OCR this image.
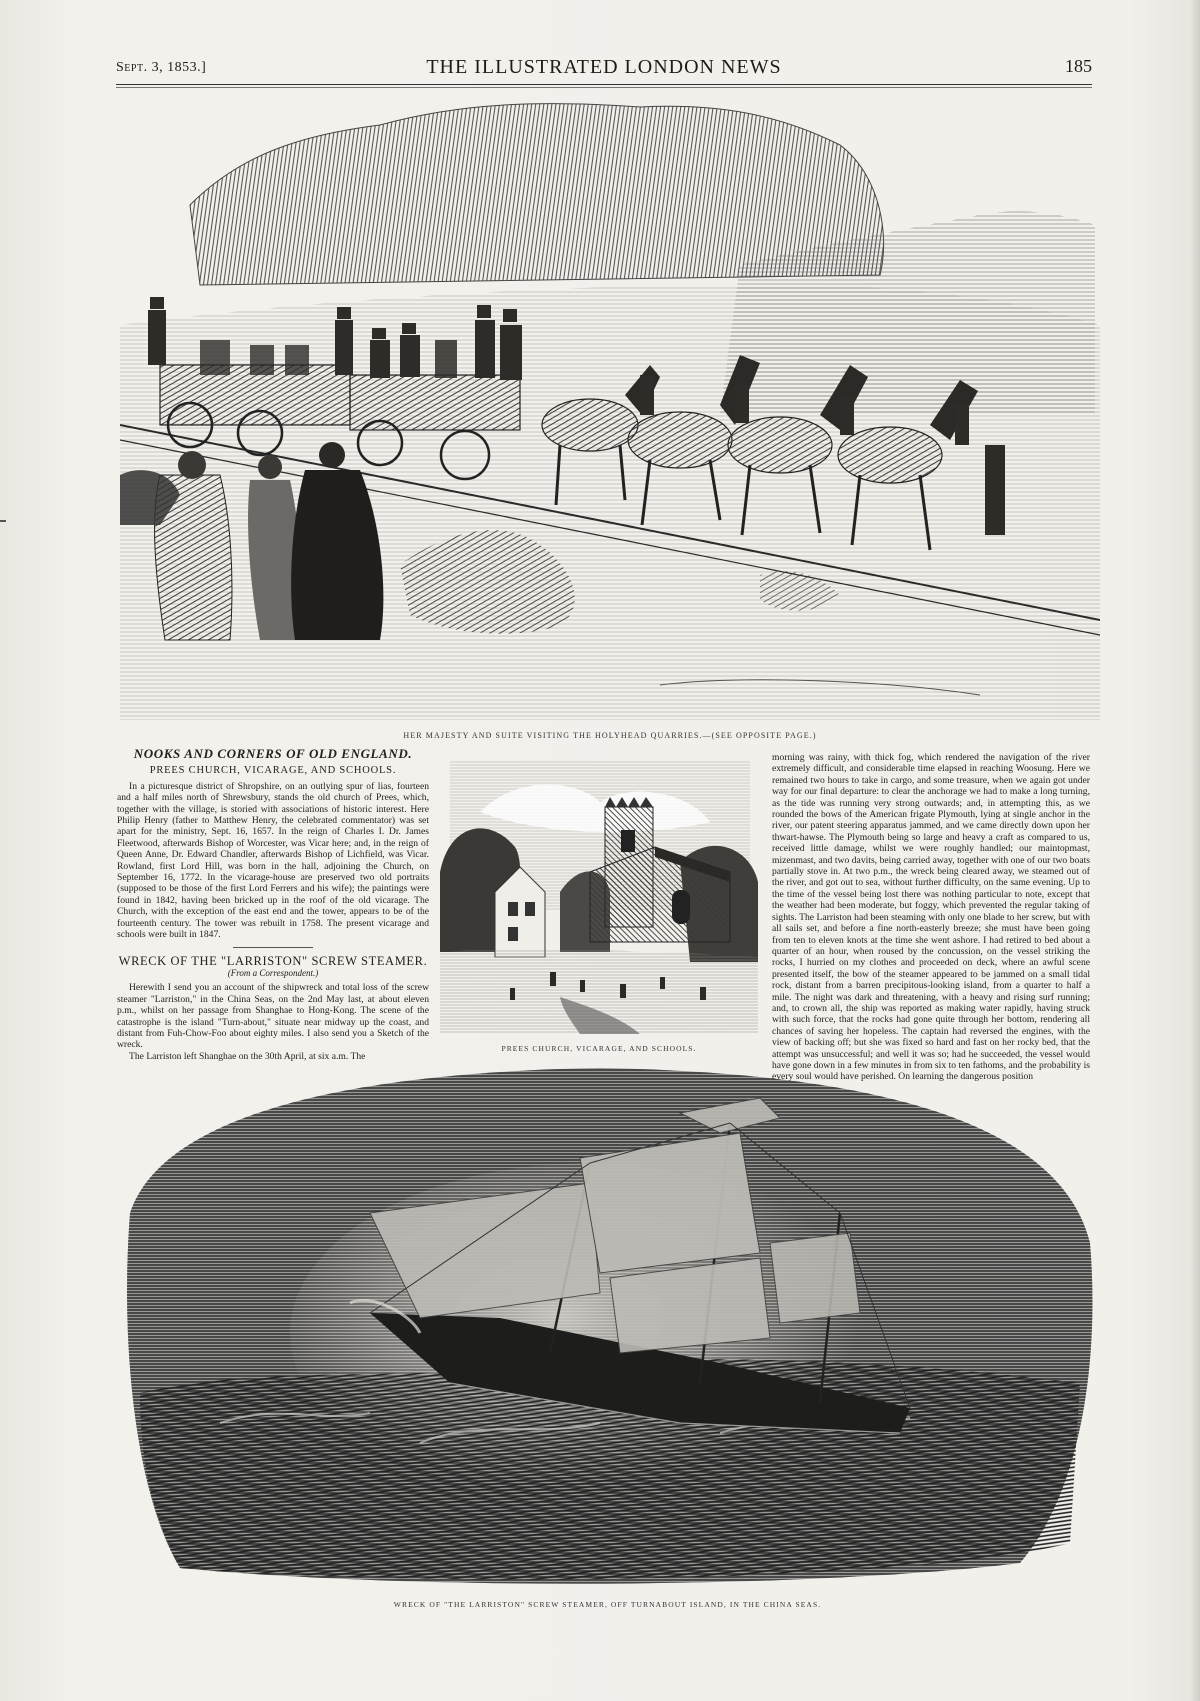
Sept. 3, 1853.]	THE ILLUSTRATED LONDON NEWS	185
HER MAJESTY AND SUITE VISITING THE HOLYHEAD QUARRIES.—(SEE OPPOSITE PAGE.)
NOOKS AND CORNERS OF OLD ENGLAND.
PREES CHURCH, VICARAGE, AND SCHOOLS.

In a picturesque district of Shropshire, on an outlying spur of lias, fourteen and a half miles north of Shrewsbury, stands the old church of Prees, which, together with the village, is storied with associations of historic interest. Here Philip Henry (father to Matthew Henry, the celebrated commentator) was set apart for the ministry, Sept. 16, 1657. In the reign of Charles I. Dr. James Fleetwood, afterwards Bishop of Worcester, was Vicar here; and, in the reign of Queen Anne, Dr. Edward Chandler, afterwards Bishop of Lichfield, was Vicar. Rowland, first Lord Hill, was born in the hall, adjoining the Church, on September 16, 1772. In the vicarage-house are preserved two old portraits (supposed to be those of the first Lord Ferrers and his wife); the paintings were found in 1842, having been bricked up in the roof of the old vicarage. The Church, with the exception of the east end and the tower, appears to be of the fourteenth century. The tower was rebuilt in 1758. The present vicarage and schools were built in 1847.

WRECK OF THE "LARRISTON" SCREW STEAMER.
(From a Correspondent.)

Herewith I send you an account of the shipwreck and total loss of the screw steamer "Larriston," in the China Seas, on the 2nd May last, at about eleven p.m., whilst on her passage from Shanghae to Hong-Kong. The scene of the catastrophe is the island "Turn-about," situate near midway up the coast, and distant from Fuh-Chow-Foo about eighty miles. I also send you a Sketch of the wreck.

The Larriston left Shanghae on the 30th April, at six a.m. The

PREES CHURCH, VICARAGE, AND SCHOOLS.

morning was rainy, with thick fog, which rendered the navigation of the river extremely difficult, and considerable time elapsed in reaching Woosung. Here we remained two hours to take in cargo, and some treasure, when we again got under way for our final departure: to clear the anchorage we had to make a long turning, as the tide was running very strong outwards; and, in attempting this, as we rounded the bows of the American frigate Plymouth, lying at single anchor in the river, our patent steering apparatus jammed, and we came directly down upon her thwart-hawse. The Plymouth being so large and heavy a craft as compared to us, received little damage, whilst we were roughly handled; our maintopmast, mizenmast, and two davits, being carried away, together with one of our two boats partially stove in. At two p.m., the wreck being cleared away, we steamed out of the river, and got out to sea, without further difficulty, on the same evening. Up to the time of the vessel being lost there was nothing particular to note, except that the weather had been moderate, but foggy, which prevented the regular taking of sights. The Larriston had been steaming with only one blade to her screw, but with all sails set, and before a fine north-easterly breeze; she must have been going from ten to eleven knots at the time she went ashore. I had retired to bed about a quarter of an hour, when roused by the concussion, on the vessel striking the rocks, I hurried on my clothes and proceeded on deck, where an awful scene presented itself, the bow of the steamer appeared to be jammed on a small tidal rock, distant from a barren precipitous-looking island, from a quarter to half a mile. The night was dark and threatening, with a heavy and rising surf running; and, to crown all, the ship was reported as making water rapidly, having struck with such force, that the rocks had gone quite through her bottom, rendering all chances of saving her hopeless. The captain had reversed the engines, with the view of backing off; but she was fixed so hard and fast on her rocky bed, that the attempt was unsuccessful; and well it was so; had he succeeded, the vessel would have gone down in a few minutes in from six to ten fathoms, and the probability is every soul would have perished. On learning the dangerous position

WRECK OF "THE LARRISTON" SCREW STEAMER, OFF TURNABOUT ISLAND, IN THE CHINA SEAS.
